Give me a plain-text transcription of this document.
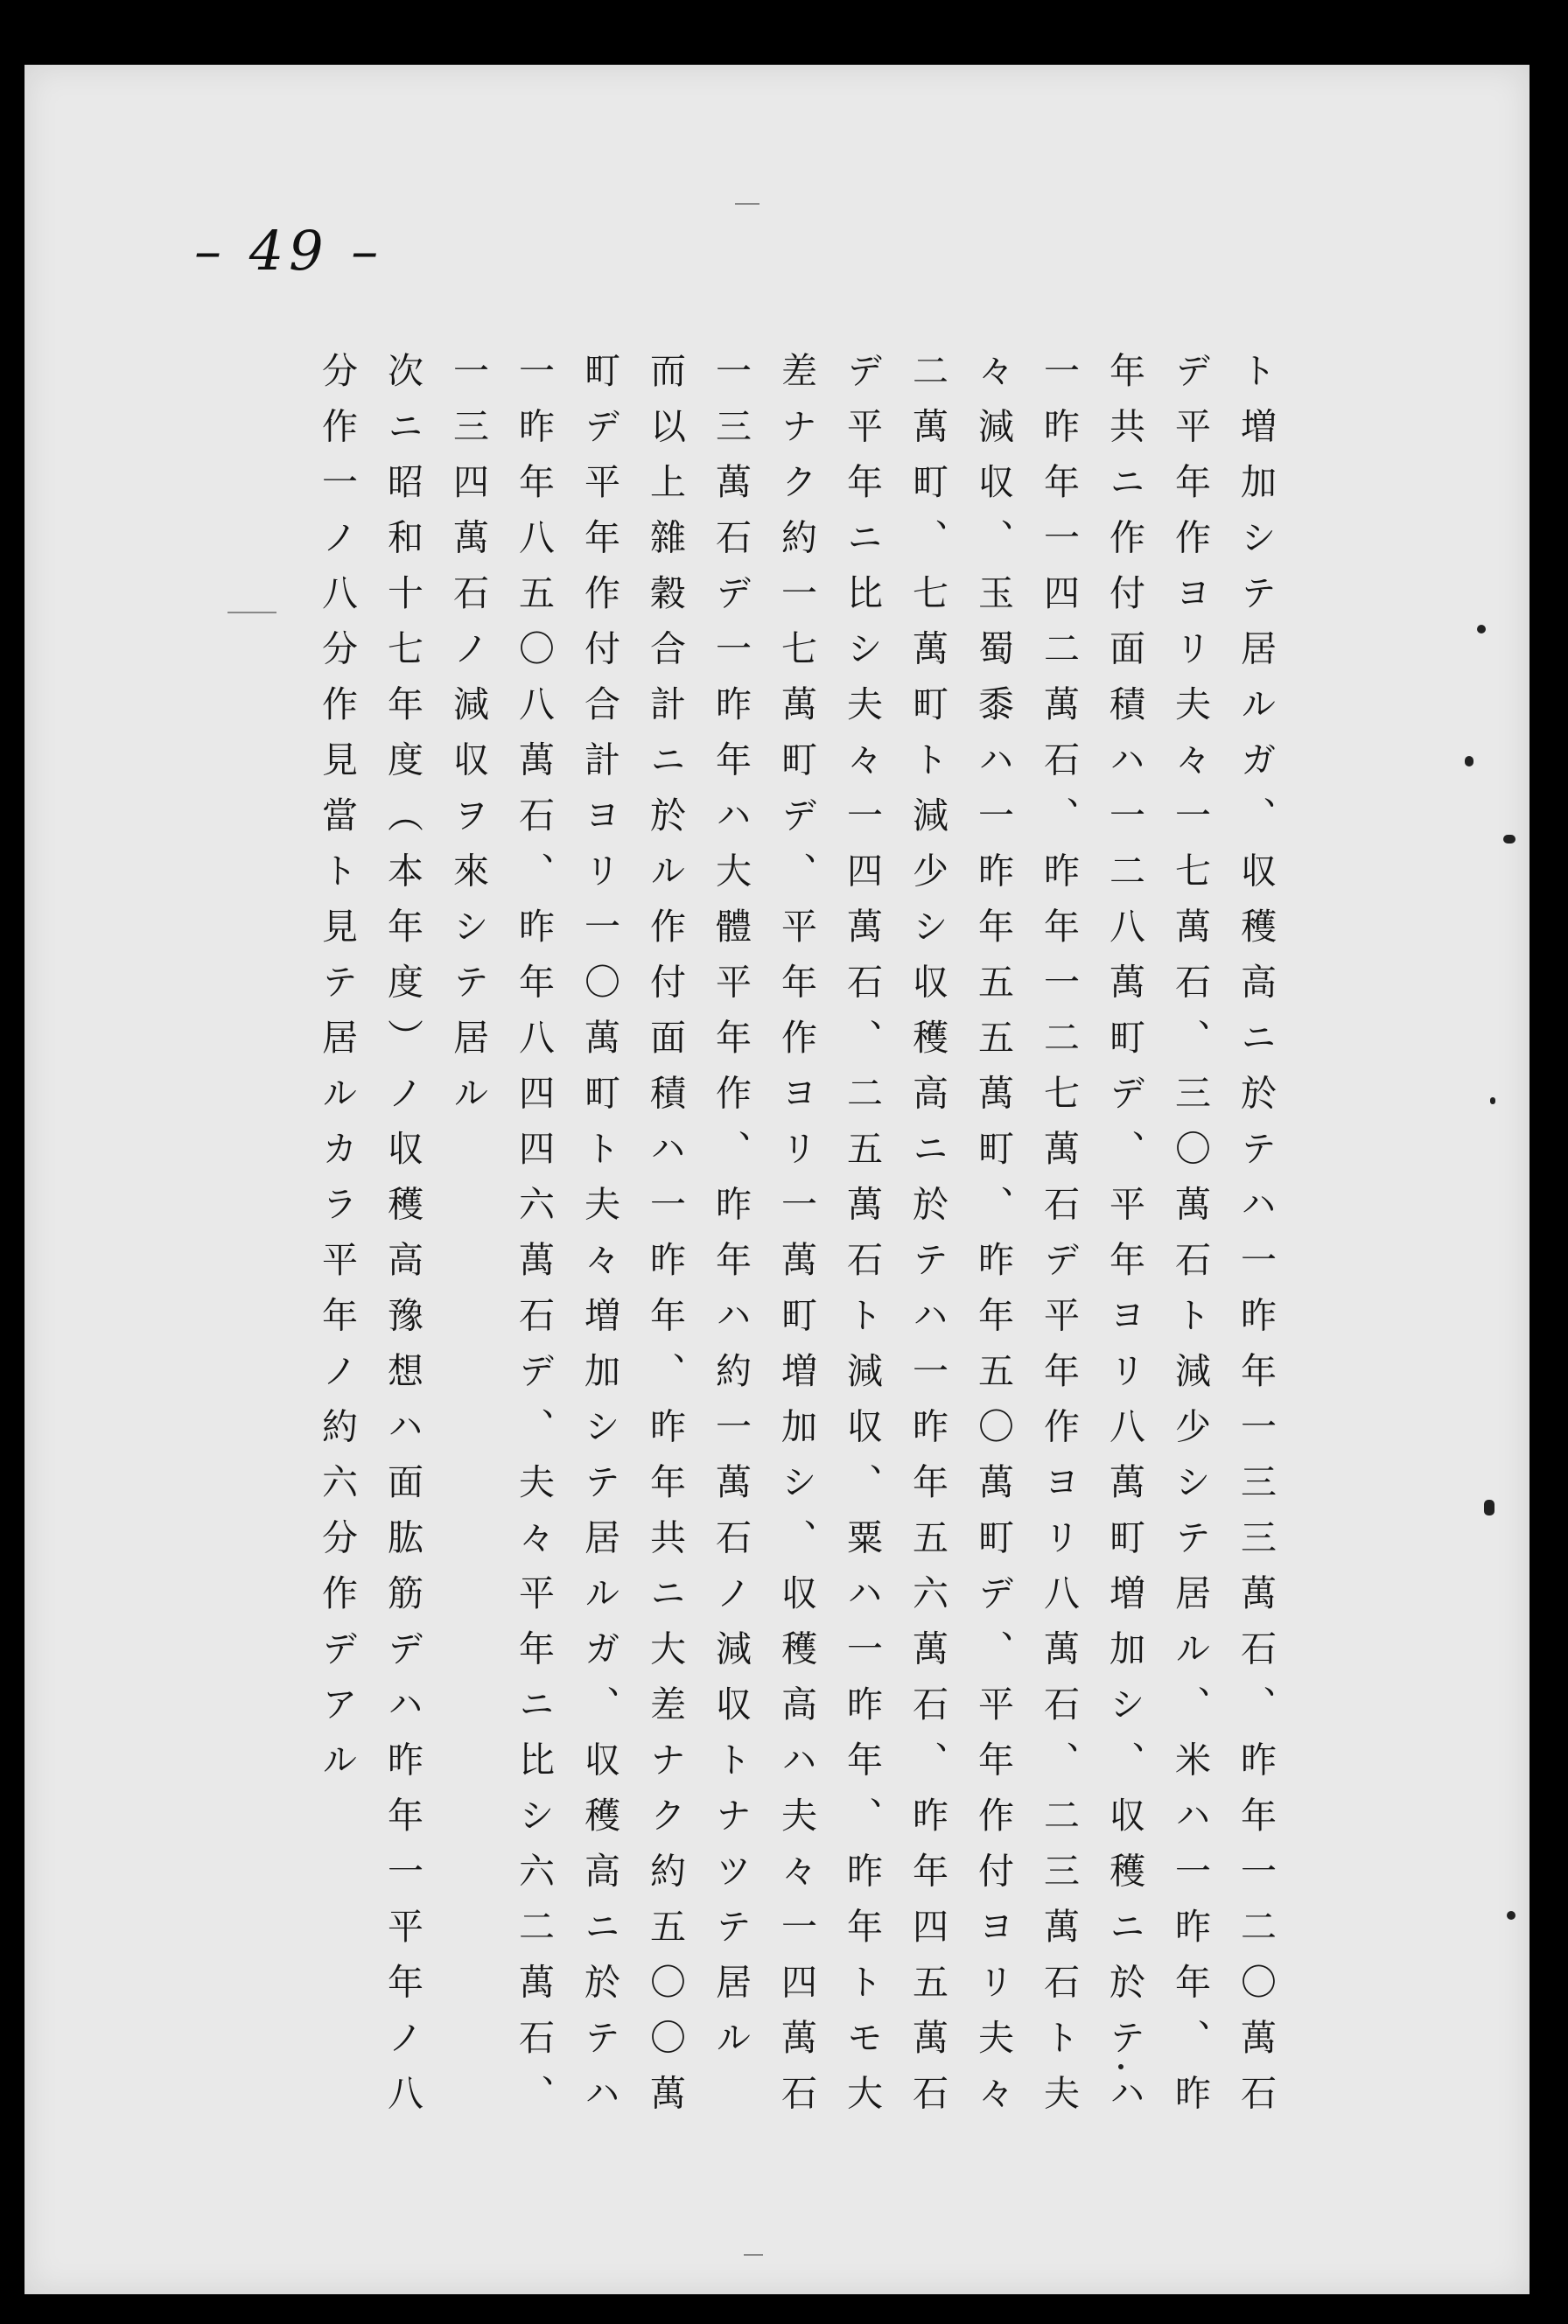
– 49 –

ト増加シテ居ルガ、収穫高ニ於テハ一昨年一三三萬石、昨年一二〇萬石

デ平年作ヨリ夫々一七萬石、三〇萬石ト減少シテ居ル、米ハ一昨年、昨

年共ニ作付面積ハ一二八萬町デ、平年ヨリ八萬町増加シ、収穫ニ於テハ

一昨年一四二萬石、昨年一二七萬石デ平年作ヨリ八萬石、二三萬石ト夫

々減収、玉蜀黍ハ一昨年五五萬町、昨年五〇萬町デ、平年作付ヨリ夫々

二萬町、七萬町ト減少シ収穫高ニ於テハ一昨年五六萬石、昨年四五萬石

デ平年ニ比シ夫々一四萬石、二五萬石ト減収、粟ハ一昨年、昨年トモ大

差ナク約一七萬町デ、平年作ヨリ一萬町増加シ、収穫高ハ夫々一四萬石

一三萬石デ一昨年ハ大體平年作、昨年ハ約一萬石ノ減収トナツテ居ル

而以上雜穀合計ニ於ル作付面積ハ一昨年、昨年共ニ大差ナク約五〇〇萬

町デ平年作付合計ヨリ一〇萬町ト夫々増加シテ居ルガ、収穫高ニ於テハ

一昨年八五〇八萬石、昨年八四四六萬石デ、夫々平年ニ比シ六二萬石、

一三四萬石ノ減収ヲ來シテ居ル

次ニ昭和十七年度（本年度）ノ収穫高豫想ハ面肱筋デハ昨年一平年ノ八

分作一ノ八分作見當ト見テ居ルカラ平年ノ約六分作デアル
